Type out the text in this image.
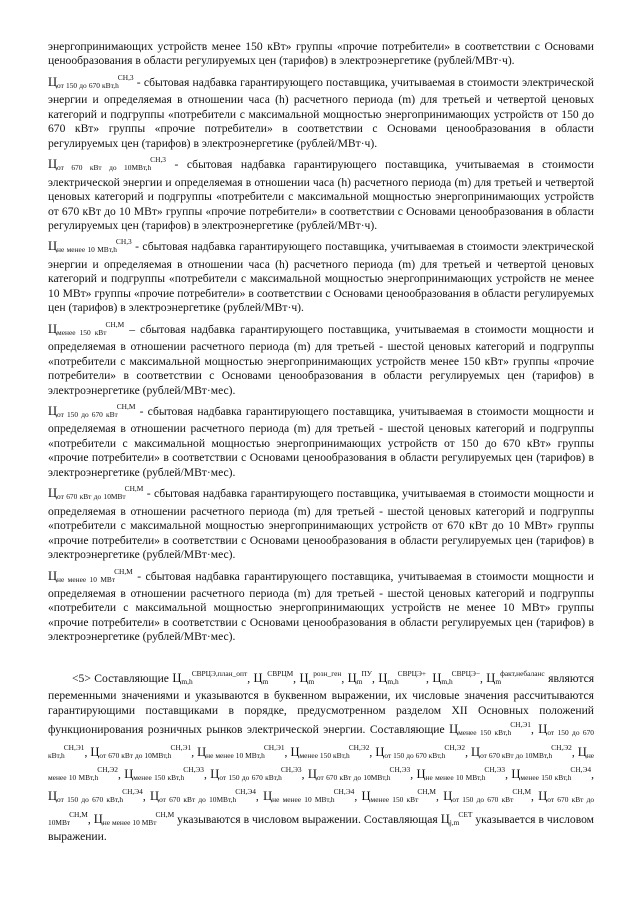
энергопринимающих устройств менее 150 кВт» группы «прочие потребители» в соответствии с Основами ценообразования в области регулируемых цен (тарифов) в электроэнергетике (рублей/МВт·ч).

$Ц_{от 150 до 670 кВт,h}^{СН,3}$ - сбытовая надбавка гарантирующего поставщика, учитываемая в стоимости электрической энергии и определяемая в отношении часа (h) расчетного периода (m) для третьей и четвертой ценовых категорий и подгруппы «потребители с максимальной мощностью энергопринимающих устройств от 150 до 670 кВт» группы «прочие потребители» в соответствии с Основами ценообразования в области регулируемых цен (тарифов) в электроэнергетике (рублей/МВт·ч).

$Ц_{от 670 кВт до 10МВт,h}^{СН,3}$ - сбытовая надбавка гарантирующего поставщика, учитываемая в стоимости электрической энергии и определяемая в отношении часа (h) расчетного периода (m) для третьей и четвертой ценовых категорий и подгруппы «потребители с максимальной мощностью энергопринимающих устройств от 670 кВт до 10 МВт» группы «прочие потребители» в соответствии с Основами ценообразования в области регулируемых цен (тарифов) в электроэнергетике (рублей/МВт·ч).

$Ц_{не менее 10 МВт,h}^{СН,3}$ - сбытовая надбавка гарантирующего поставщика, учитываемая в стоимости электрической энергии и определяемая в отношении часа (h) расчетного периода (m) для третьей и четвертой ценовых категорий и подгруппы «потребители с максимальной мощностью энергопринимающих устройств не менее 10 МВт» группы «прочие потребители» в соответствии с Основами ценообразования в области регулируемых цен (тарифов) в электроэнергетике (рублей/МВт·ч).

$Ц_{менее 150 кВт}^{СН,М}$ – сбытовая надбавка гарантирующего поставщика, учитываемая в стоимости мощности и определяемая в отношении расчетного периода (m) для третьей - шестой ценовых категорий и подгруппы «потребители с максимальной мощностью энергопринимающих устройств менее 150 кВт» группы «прочие потребители» в соответствии с Основами ценообразования в области регулируемых цен (тарифов) в электроэнергетике (рублей/МВт·мес).

$Ц_{от 150 до 670 кВт}^{СН,М}$ - сбытовая надбавка гарантирующего поставщика, учитываемая в стоимости мощности и определяемая в отношении расчетного периода (m) для третьей - шестой ценовых категорий и подгруппы «потребители с максимальной мощностью энергопринимающих устройств от 150 до 670 кВт» группы «прочие потребители» в соответствии с Основами ценообразования в области регулируемых цен (тарифов) в электроэнергетике (рублей/МВт·мес).

$Ц_{от 670 кВт до 10МВт}^{СН,М}$ - сбытовая надбавка гарантирующего поставщика, учитываемая в стоимости мощности и определяемая в отношении расчетного периода (m) для третьей - шестой ценовых категорий и подгруппы «потребители с максимальной мощностью энергопринимающих устройств от 670 кВт до 10 МВт» группы «прочие потребители» в соответствии с Основами ценообразования в области регулируемых цен (тарифов) в электроэнергетике (рублей/МВт·мес).

$Ц_{не менее 10 МВт}^{СН,М}$ - сбытовая надбавка гарантирующего поставщика, учитываемая в стоимости мощности и определяемая в отношении расчетного периода (m) для третьей - шестой ценовых категорий и подгруппы «потребители с максимальной мощностью энергопринимающих устройств не менее 10 МВт» группы «прочие потребители» в соответствии с Основами ценообразования в области регулируемых цен (тарифов) в электроэнергетике (рублей/МВт·мес).

<5> Составляющие $Ц_{m,h}^{СВРЦЭ,план\_опт}$, $Ц_m^{СВРЦМ}$, $Ц_m^{розн\_ген}$, $Ц_m^{ПУ}$, $Ц_{m,h}^{СВРЦЭ+}$, $Ц_{m,h}^{СВРЦЭ-}$, $Ц_m^{факт,небаланс}$ являются переменными значениями и указываются в буквенном выражении, их числовые значения рассчитываются гарантирующими поставщиками в порядке, предусмотренном разделом XII Основных положений функционирования розничных рынков электрической энергии. Составляющие $Ц_{менее 150 кВт,h}^{СН,Э1}$, $Ц_{от 150 до 670 кВт,h}^{СН,Э1}$, $Ц_{от 670 кВт до 10МВт,h}^{СН,Э1}$, $Ц_{не менее 10 МВт,h}^{СН,Э1}$, $Ц_{менее 150 кВт,h}^{СН,Э2}$, $Ц_{от 150 до 670 кВт,h}^{СН,Э2}$, $Ц_{от 670 кВт до 10МВт,h}^{СН,Э2}$, $Ц_{не менее 10 МВт,h}^{СН,Э2}$, $Ц_{менее 150 кВт,h}^{СН,Э3}$, $Ц_{от 150 до 670 кВт,h}^{СН,Э3}$, $Ц_{от 670 кВт до 10МВт,h}^{СН,Э3}$, $Ц_{не менее 10 МВт,h}^{СН,Э3}$, $Ц_{менее 150 кВт,h}^{СН,Э4}$, $Ц_{от 150 до 670 кВт,h}^{СН,Э4}$, $Ц_{от 670 кВт до 10МВт,h}^{СН,Э4}$, $Ц_{не менее 10 МВт,h}^{СН,Э4}$, $Ц_{менее 150 кВт}^{СН,М}$, $Ц_{от 150 до 670 кВт}^{СН,М}$, $Ц_{от 670 кВт до 10МВт}^{СН,М}$, $Ц_{не менее 10 МВт}^{СН,М}$ указываются в числовом выражении. Составляющая $Ц_{j,m}^{СЕТ}$ указывается в числовом выражении.
